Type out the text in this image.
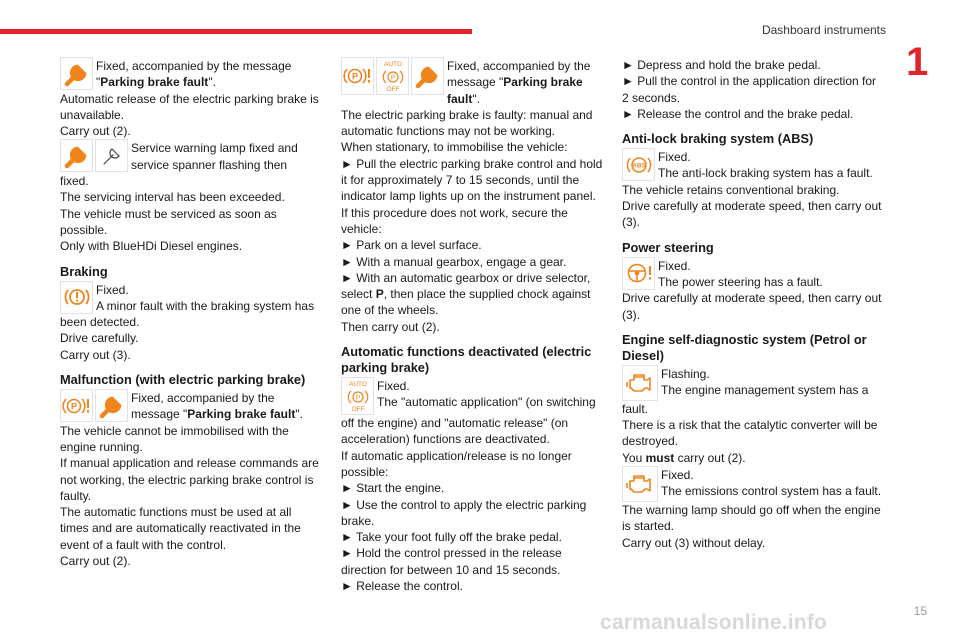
Dashboard instruments
1
15
carmanualsonline.info
Fixed, accompanied by the message "Parking brake fault".

Automatic release of the electric parking brake is unavailable.

Carry out (2).

Service warning lamp fixed and service spanner flashing then

fixed.

The servicing interval has been exceeded.

The vehicle must be serviced as soon as possible.

Only with BlueHDi Diesel engines.

Braking
Fixed.
A minor fault with the braking system has

been detected.

Drive carefully.

Carry out (3).

Malfunction (with electric parking brake)
P
Fixed, accompanied by the message "Parking brake fault".

The vehicle cannot be immobilised with the engine running.

If manual application and release commands are not working, the electric parking brake control is faulty.

The automatic functions must be used at all times and are automatically reactivated in the event of a fault with the control.

Carry out (2).

P
AUTO
P
OFF
Fixed, accompanied by the message "Parking brake fault".

The electric parking brake is faulty: manual and automatic functions may not be working.

When stationary, to immobilise the vehicle:

► Pull the electric parking brake control and hold it for approximately 7 to 15 seconds, until the indicator lamp lights up on the instrument panel.

If this procedure does not work, secure the vehicle:

► Park on a level surface.

► With a manual gearbox, engage a gear.

► With an automatic gearbox or drive selector, select P, then place the supplied chock against one of the wheels.

Then carry out (2).

Automatic functions deactivated (electric parking brake)
AUTO
P
OFF
Fixed.
The "automatic application" (on switching

off the engine) and "automatic release" (on acceleration) functions are deactivated.

If automatic application/release is no longer possible:

► Start the engine.

► Use the control to apply the electric parking brake.

► Take your foot fully off the brake pedal.

► Hold the control pressed in the release direction for between 10 and 15 seconds.

► Release the control.

► Depress and hold the brake pedal.

► Pull the control in the application direction for 2 seconds.

► Release the control and the brake pedal.

Anti-lock braking system (ABS)
ABS
Fixed.
The anti-lock braking system has a fault.

The vehicle retains conventional braking.

Drive carefully at moderate speed, then carry out (3).

Power steering
Fixed.
The power steering has a fault.

Drive carefully at moderate speed, then carry out (3).

Engine self-diagnostic system (Petrol or Diesel)
Flashing.
The engine management system has a

fault.

There is a risk that the catalytic converter will be destroyed.

You must carry out (2).

Fixed.
The emissions control system has a fault.

The warning lamp should go off when the engine is started.

Carry out (3) without delay.
